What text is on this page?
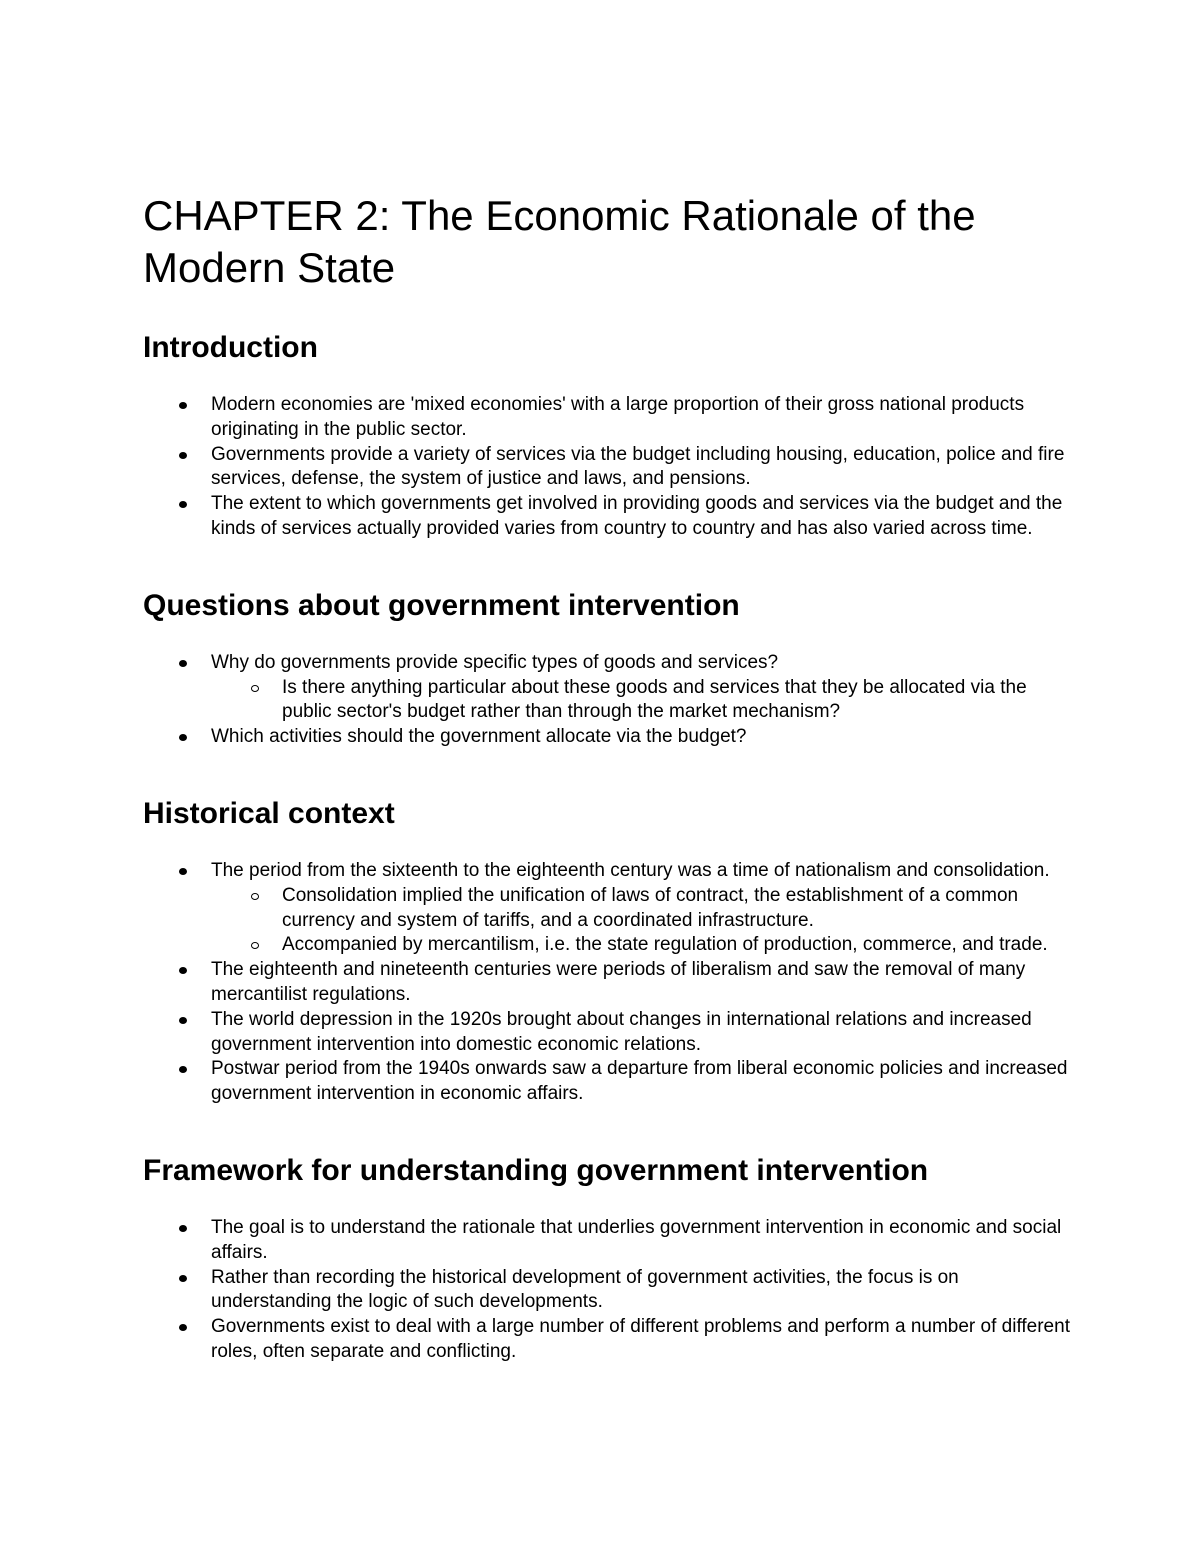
CHAPTER 2: The Economic Rationale of the Modern State
Introduction
Modern economies are 'mixed economies' with a large proportion of their gross national products originating in the public sector.
Governments provide a variety of services via the budget including housing, education, police and fire services, defense, the system of justice and laws, and pensions.
The extent to which governments get involved in providing goods and services via the budget and the kinds of services actually provided varies from country to country and has also varied across time.
Questions about government intervention
Why do governments provide specific types of goods and services?
Is there anything particular about these goods and services that they be allocated via the public sector's budget rather than through the market mechanism?
Which activities should the government allocate via the budget?
Historical context
The period from the sixteenth to the eighteenth century was a time of nationalism and consolidation.
Consolidation implied the unification of laws of contract, the establishment of a common currency and system of tariffs, and a coordinated infrastructure.
Accompanied by mercantilism, i.e. the state regulation of production, commerce, and trade.
The eighteenth and nineteenth centuries were periods of liberalism and saw the removal of many mercantilist regulations.
The world depression in the 1920s brought about changes in international relations and increased government intervention into domestic economic relations.
Postwar period from the 1940s onwards saw a departure from liberal economic policies and increased government intervention in economic affairs.
Framework for understanding government intervention
The goal is to understand the rationale that underlies government intervention in economic and social affairs.
Rather than recording the historical development of government activities, the focus is on understanding the logic of such developments.
Governments exist to deal with a large number of different problems and perform a number of different roles, often separate and conflicting.
